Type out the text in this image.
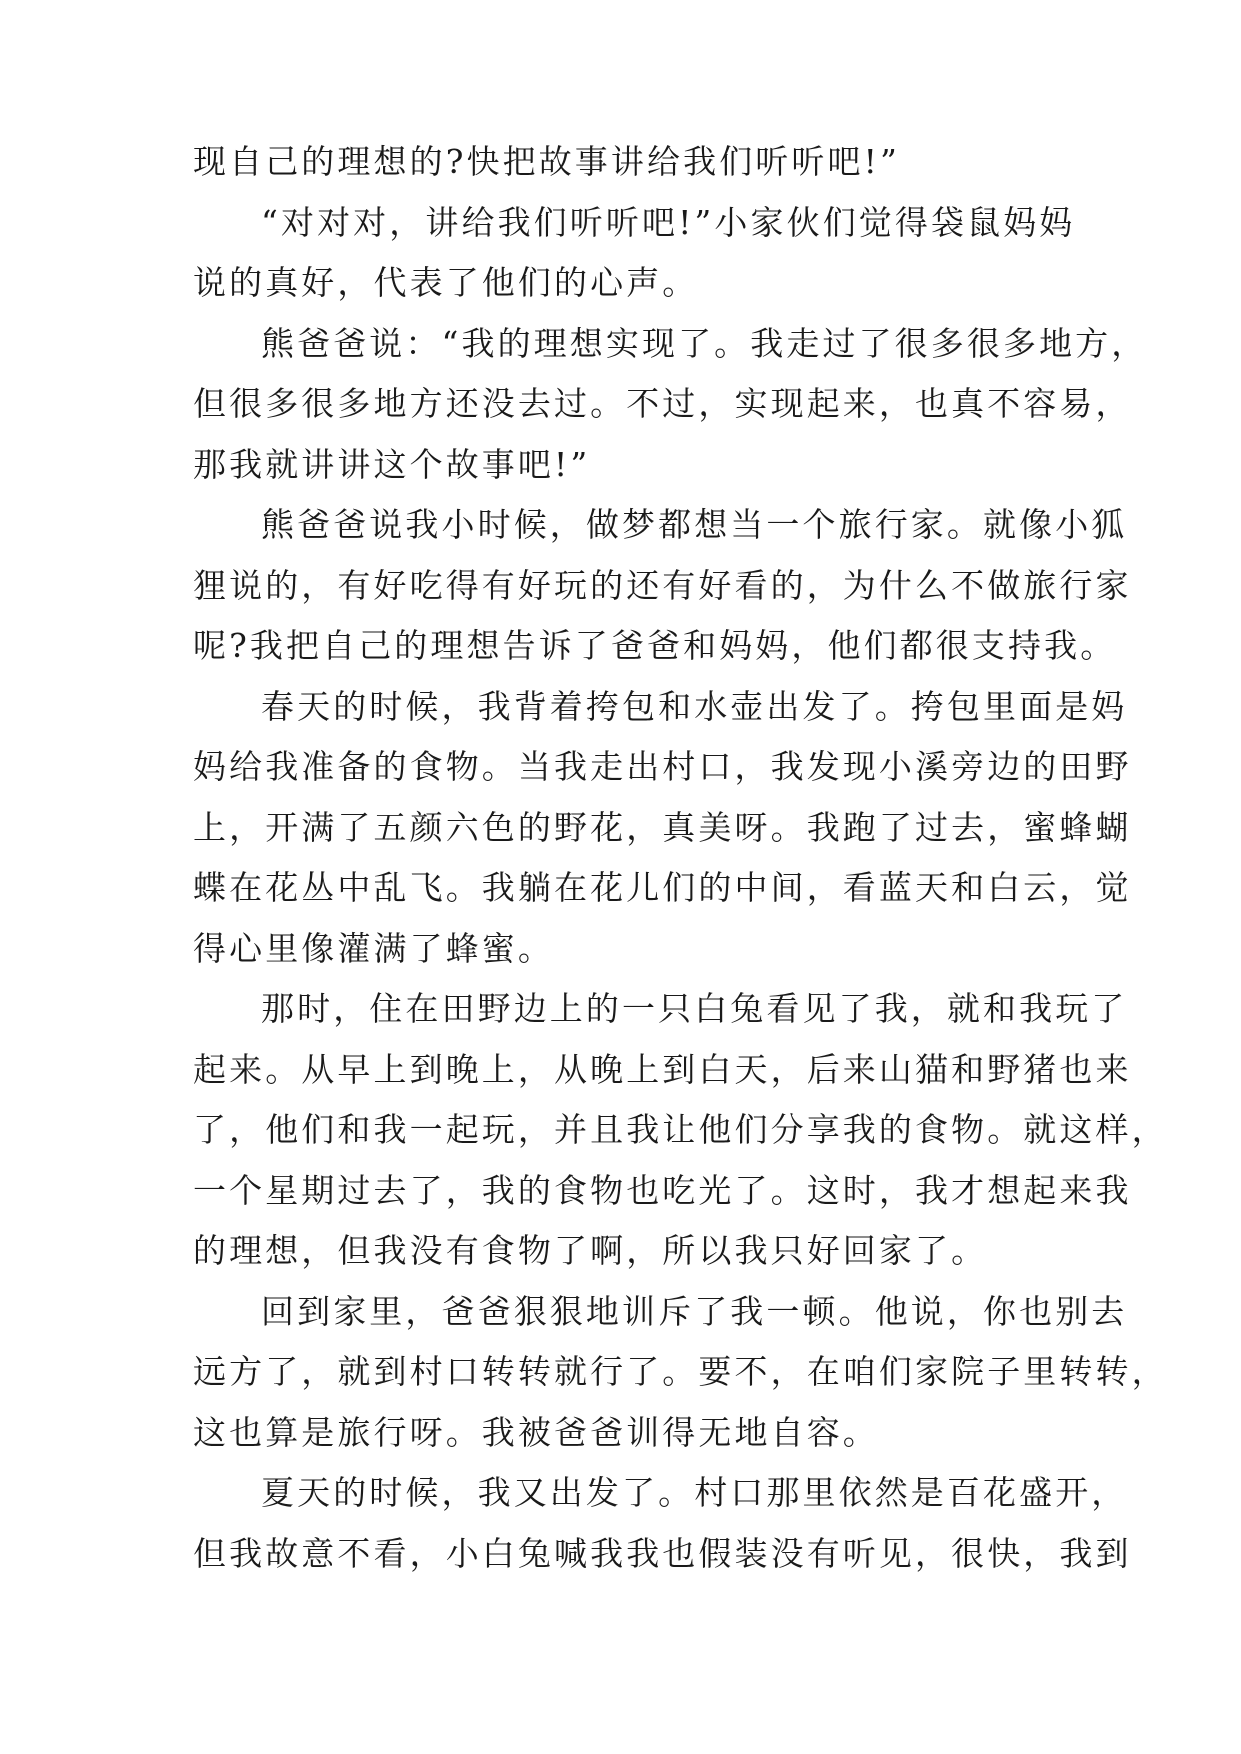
现自己的理想的?快把故事讲给我们听听吧!”
“对对对，讲给我们听听吧!”小家伙们觉得袋鼠妈妈
说的真好，代表了他们的心声。
熊爸爸说：“我的理想实现了。我走过了很多很多地方，
但很多很多地方还没去过。不过，实现起来，也真不容易，
那我就讲讲这个故事吧!”
熊爸爸说我小时候，做梦都想当一个旅行家。就像小狐
狸说的，有好吃得有好玩的还有好看的，为什么不做旅行家
呢?我把自己的理想告诉了爸爸和妈妈，他们都很支持我。
春天的时候，我背着挎包和水壶出发了。挎包里面是妈
妈给我准备的食物。当我走出村口，我发现小溪旁边的田野
上，开满了五颜六色的野花，真美呀。我跑了过去，蜜蜂蝴
蝶在花丛中乱飞。我躺在花儿们的中间，看蓝天和白云，觉
得心里像灌满了蜂蜜。
那时，住在田野边上的一只白兔看见了我，就和我玩了
起来。从早上到晚上，从晚上到白天，后来山猫和野猪也来
了，他们和我一起玩，并且我让他们分享我的食物。就这样，
一个星期过去了，我的食物也吃光了。这时，我才想起来我
的理想，但我没有食物了啊，所以我只好回家了。
回到家里，爸爸狠狠地训斥了我一顿。他说，你也别去
远方了，就到村口转转就行了。要不，在咱们家院子里转转，
这也算是旅行呀。我被爸爸训得无地自容。
夏天的时候，我又出发了。村口那里依然是百花盛开，
但我故意不看，小白兔喊我我也假装没有听见，很快，我到
